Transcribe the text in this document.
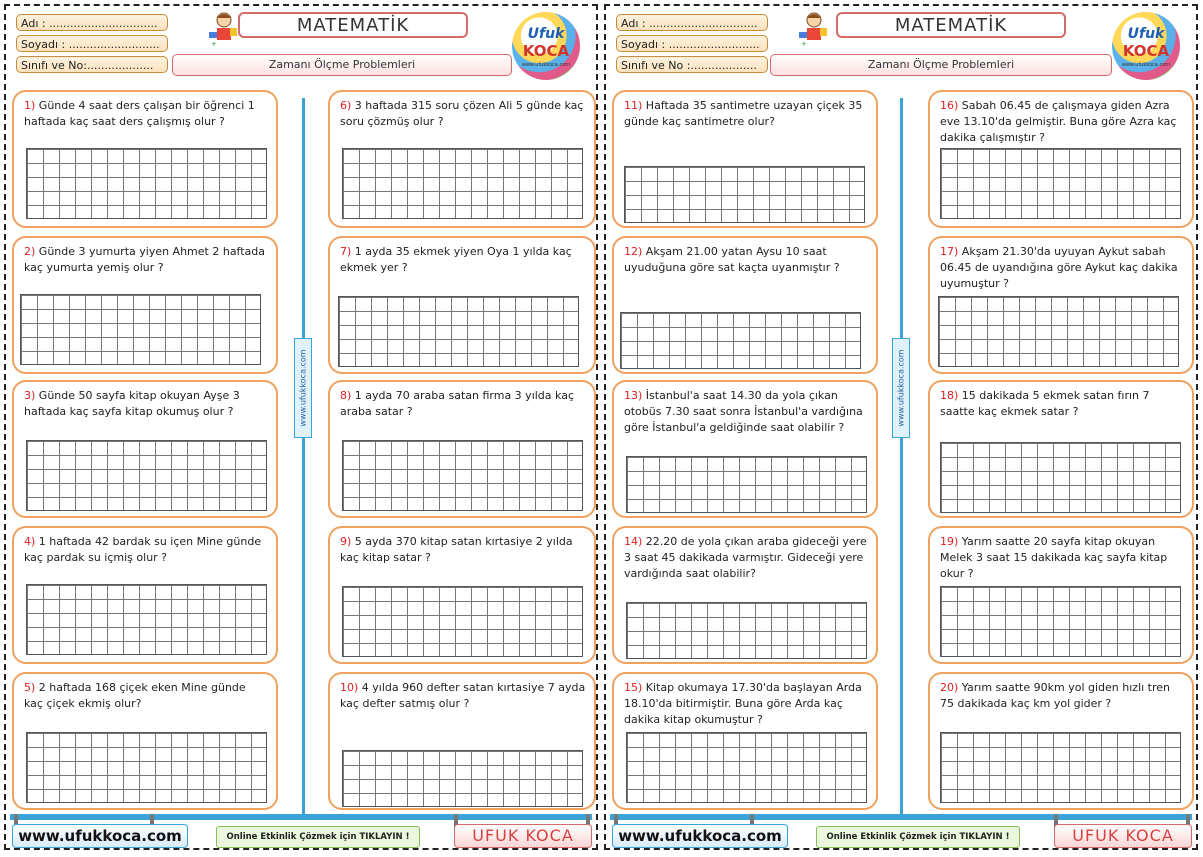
Adı : ...............................
Soyadı : ..........................
Sınıfı ve No:...................
+
MATEMATİK
Zamanı Ölçme Problemleri
Ufuk
KOCA
www.ufukkoca.com
www.ufukkoca.com
1) Günde 4 saat ders çalışan bir öğrenci 1 haftada kaç saat ders çalışmış olur ?
2) Günde 3 yumurta yiyen Ahmet 2 haftada kaç yumurta yemiş olur ?
3) Günde 50 sayfa kitap okuyan Ayşe 3 haftada kaç sayfa kitap okumuş olur ?
4) 1 haftada 42 bardak su içen Mine günde kaç pardak su içmiş olur ?
5) 2 haftada 168 çiçek eken Mine günde kaç çiçek ekmiş olur?
6) 3 haftada 315 soru çözen Ali 5 günde kaç soru çözmüş olur ?
7) 1 ayda 35 ekmek yiyen Oya 1 yılda kaç ekmek yer ?
8) 1 ayda 70 araba satan firma 3 yılda kaç araba satar ?
9) 5 ayda 370 kitap satan kırtasiye 2 yılda kaç kitap satar ?
10) 4 yılda 960 defter satan kırtasiye 7 ayda kaç defter satmış olur ?
www.ufukkoca.com	Online Etkinlik Çözmek için TIKLAYIN !	UFUK KOCA
Adı : ...............................
Soyadı : ..........................
Sınıfı ve No :...................
+
MATEMATİK
Zamanı Ölçme Problemleri
Ufuk
KOCA
www.ufukkoca.com
www.ufukkoca.com
11) Haftada 35 santimetre uzayan çiçek 35 günde kaç santimetre olur?
12) Akşam 21.00 yatan Aysu 10 saat uyuduğuna göre sat kaçta uyanmıştır ?
13) İstanbul'a saat 14.30 da yola çıkan otobüs 7.30 saat sonra İstanbul'a vardığına göre İstanbul'a geldiğinde saat olabilir ?
14) 22.20 de yola çıkan araba gideceği yere 3 saat 45 dakikada varmıştır. Gideceği yere vardığında saat olabilir?
15) Kitap okumaya 17.30'da başlayan Arda 18.10'da bitirmiştir. Buna göre Arda kaç dakika kitap okumuştur ?
16) Sabah 06.45 de çalışmaya giden Azra eve 13.10'da gelmiştir. Buna göre Azra kaç dakika çalışmıştır ?
17) Akşam 21.30'da uyuyan Aykut sabah 06.45 de uyandığına göre Aykut kaç dakika uyumuştur ?
18) 15 dakikada 5 ekmek satan fırın 7 saatte kaç ekmek satar ?
19) Yarım saatte 20 sayfa kitap okuyan Melek 3 saat 15 dakikada kaç sayfa kitap okur ?
20) Yarım saatte 90km yol giden hızlı tren 75 dakikada kaç km yol gider ?
www.ufukkoca.com	Online Etkinlik Çözmek için TIKLAYIN !	UFUK KOCA
